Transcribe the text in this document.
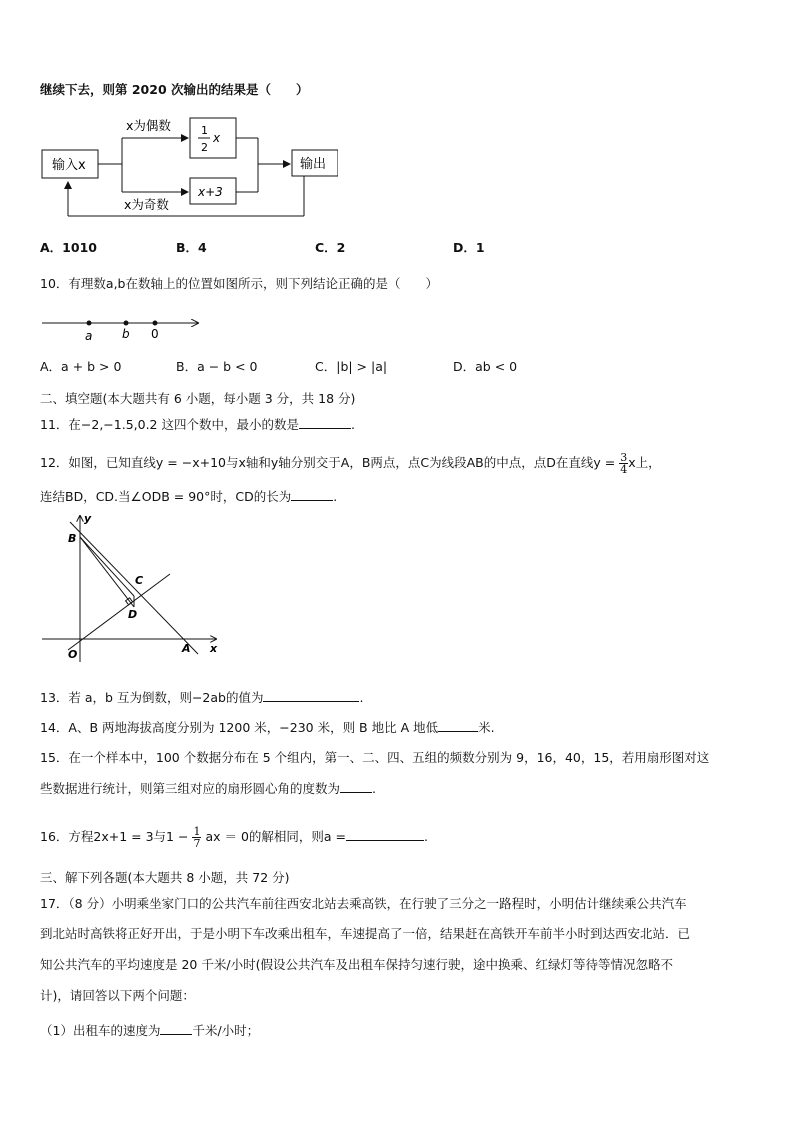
继续下去，则第 2020 次输出的结果是（　　）
输入x
x为偶数
x为奇数
1
2
x
x+3
输出
A．1010	B．4	C．2	D．1
10．有理数a,b在数轴上的位置如图所示，则下列结论正确的是（　　）
a b 0
A．a + b > 0	B．a − b < 0	C．|b| > |a|	D．ab < 0
二、填空题(本大题共有 6 小题，每小题 3 分，共 18 分)
11．在−2,−1.5,0.2 这四个数中，最小的数是	.
12．如图，已知直线y = −x+10与x轴和y轴分别交于A，B两点，点C为线段AB的中点，点D在直线$y = \frac{3}{4}$ x上，
连结BD，CD.当∠ODB = 90°时，CD的长为	.
y
x
B
C
D
O	A
13．若 a，b 互为倒数，则−2ab的值为	.
14．A、B 两地海拔高度分别为 1200 米，−230 米，则 B 地比 A 地低	米.
15．在一个样本中，100 个数据分布在 5 个组内，第一、二、四、五组的频数分别为 9，16，40，15，若用扇形图对这
些数据进行统计，则第三组对应的扇形圆心角的度数为	.
16．方程2x+1 = 3与$1 - \frac{1}{7}$ ax ＝ 0的解相同，则a =	.
三、解下列各题(本大题共 8 小题，共 72 分)
17．（8 分）小明乘坐家门口的公共汽车前往西安北站去乘高铁，在行驶了三分之一路程时，小明估计继续乘公共汽车
到北站时高铁将正好开出，于是小明下车改乘出租车，车速提高了一倍，结果赶在高铁开车前半小时到达西安北站．已
知公共汽车的平均速度是 20 千米/小时(假设公共汽车及出租车保持匀速行驶，途中换乘、红绿灯等待等情况忽略不
计)，请回答以下两个问题：
（1）出租车的速度为	千米/小时；
